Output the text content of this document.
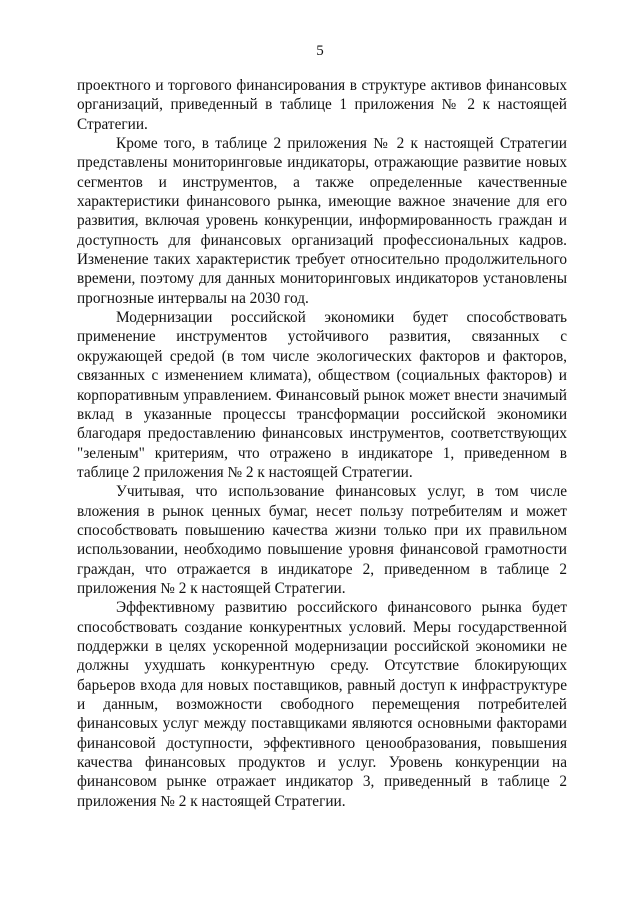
5

проектного и торгового финансирования в структуре активов финансовых организаций, приведенный в таблице 1 приложения № 2 к настоящей Стратегии.

Кроме того, в таблице 2 приложения № 2 к настоящей Стратегии представлены мониторинговые индикаторы, отражающие развитие новых сегментов и инструментов, а также определенные качественные характеристики финансового рынка, имеющие важное значение для его развития, включая уровень конкуренции, информированность граждан и доступность для финансовых организаций профессиональных кадров. Изменение таких характеристик требует относительно продолжительного времени, поэтому для данных мониторинговых индикаторов установлены прогнозные интервалы на 2030 год.

Модернизации российской экономики будет способствовать применение инструментов устойчивого развития, связанных с окружающей средой (в том числе экологических факторов и факторов, связанных с изменением климата), обществом (социальных факторов) и корпоративным управлением. Финансовый рынок может внести значимый вклад в указанные процессы трансформации российской экономики благодаря предоставлению финансовых инструментов, соответствующих "зеленым" критериям, что отражено в индикаторе 1, приведенном в таблице 2 приложения № 2 к настоящей Стратегии.

Учитывая, что использование финансовых услуг, в том числе вложения в рынок ценных бумаг, несет пользу потребителям и может способствовать повышению качества жизни только при их правильном использовании, необходимо повышение уровня финансовой грамотности граждан, что отражается в индикаторе 2, приведенном в таблице 2 приложения № 2 к настоящей Стратегии.

Эффективному развитию российского финансового рынка будет способствовать создание конкурентных условий. Меры государственной поддержки в целях ускоренной модернизации российской экономики не должны ухудшать конкурентную среду. Отсутствие блокирующих барьеров входа для новых поставщиков, равный доступ к инфраструктуре и данным, возможности свободного перемещения потребителей финансовых услуг между поставщиками являются основными факторами финансовой доступности, эффективного ценообразования, повышения качества финансовых продуктов и услуг. Уровень конкуренции на финансовом рынке отражает индикатор 3, приведенный в таблице 2 приложения № 2 к настоящей Стратегии.
